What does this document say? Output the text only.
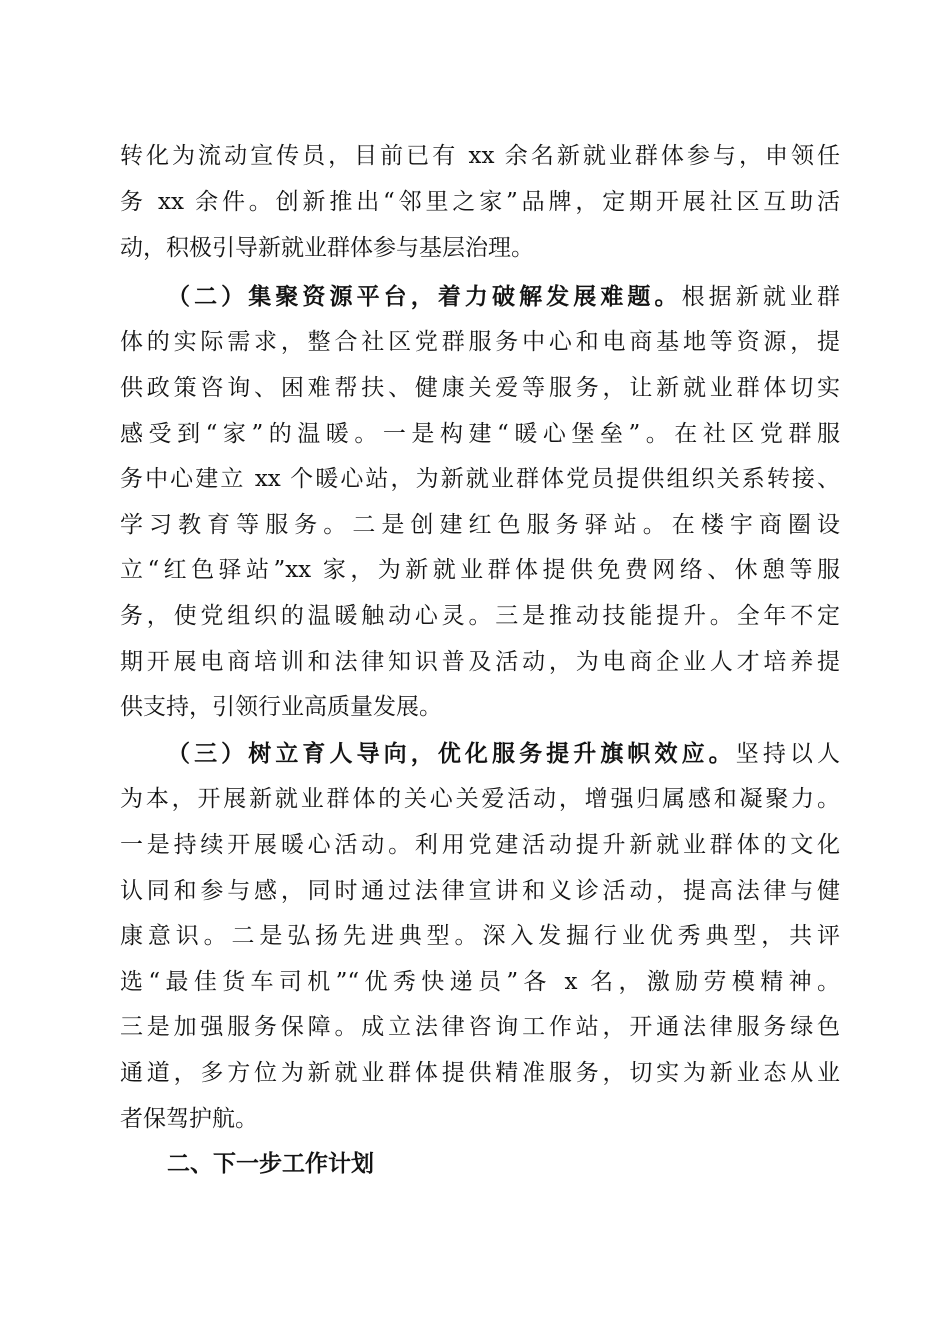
转化为流动宣传员，目前已有 xx 余名新就业群体参与，申领任
务 xx 余件。创新推出“邻里之家”品牌，定期开展社区互助活
动，积极引导新就业群体参与基层治理。
（二）集聚资源平台，着力破解发展难题。根据新就业群
体的实际需求，整合社区党群服务中心和电商基地等资源，提
供政策咨询、困难帮扶、健康关爱等服务，让新就业群体切实
感受到“家”的温暖。一是构建“暖心堡垒”。在社区党群服
务中心建立 xx 个暖心站，为新就业群体党员提供组织关系转接、
学习教育等服务。二是创建红色服务驿站。在楼宇商圈设
立“红色驿站”xx 家，为新就业群体提供免费网络、休憩等服
务，使党组织的温暖触动心灵。三是推动技能提升。全年不定
期开展电商培训和法律知识普及活动，为电商企业人才培养提
供支持，引领行业高质量发展。
（三）树立育人导向，优化服务提升旗帜效应。坚持以人
为本，开展新就业群体的关心关爱活动，增强归属感和凝聚力。
一是持续开展暖心活动。利用党建活动提升新就业群体的文化
认同和参与感，同时通过法律宣讲和义诊活动，提高法律与健
康意识。二是弘扬先进典型。深入发掘行业优秀典型，共评
选“最佳货车司机”“优秀快递员”各 x 名，激励劳模精神。
三是加强服务保障。成立法律咨询工作站，开通法律服务绿色
通道，多方位为新就业群体提供精准服务，切实为新业态从业
者保驾护航。
二、下一步工作计划
